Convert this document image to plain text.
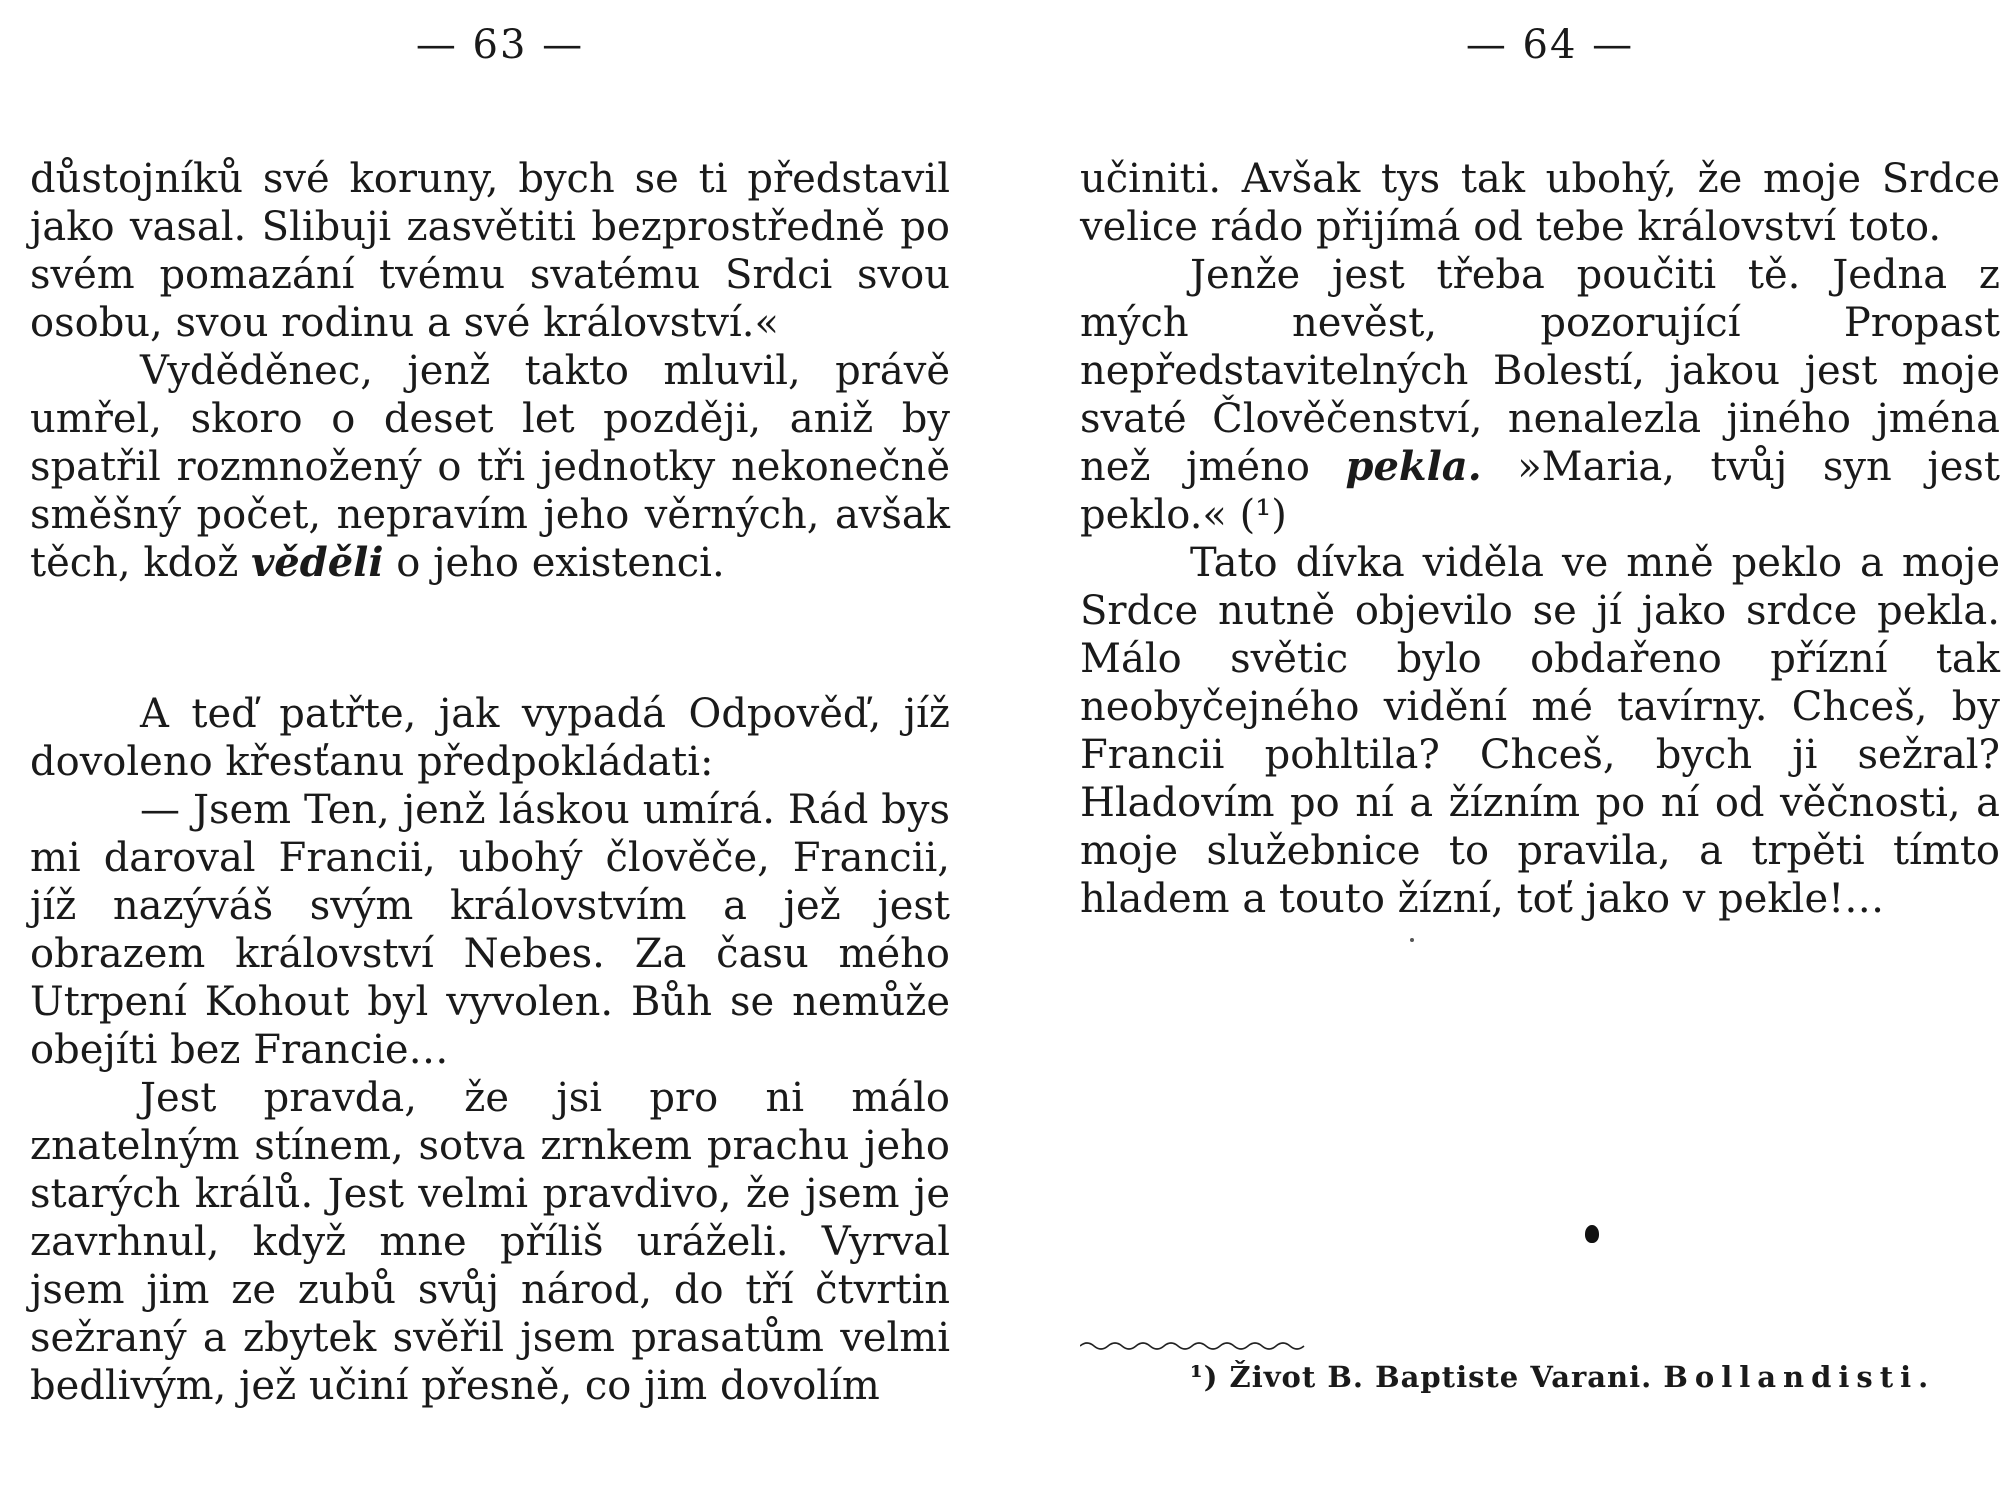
— 63 —

důstojníků své koruny, bych se ti představil jako vasal. Slibuji zasvětiti bezprostředně po svém pomazání tvému svatému Srdci svou osobu, svou rodinu a své království.«

Vyděděnec, jenž takto mluvil, právě umřel, skoro o deset let později, aniž by spatřil rozmnožený o tři jednotky nekonečně směšný počet, nepravím jeho věrných, avšak těch, kdož věděli o jeho existenci.

A teď patřte, jak vypadá Odpověď, jíž dovoleno křesťanu předpokládati:

— Jsem Ten, jenž láskou umírá. Rád bys mi daroval Francii, ubohý člověče, Francii, jíž nazýváš svým královstvím a jež jest obrazem království Nebes. Za času mého Utrpení Kohout byl vyvolen. Bůh se nemůže obejíti bez Francie…

Jest pravda, že jsi pro ni málo znatelným stínem, sotva zrnkem prachu jeho starých králů. Jest velmi pravdivo, že jsem je zavrhnul, když mne příliš uráželi. Vyrval jsem jim ze zubů svůj národ, do tří čtvrtin sežraný a zbytek svěřil jsem prasatům velmi bedlivým, jež učiní přesně, co jim dovolím

— 64 —

učiniti. Avšak tys tak ubohý, že moje Srdce velice rádo přijímá od tebe království toto.

Jenže jest třeba poučiti tě. Jedna z mých nevěst, pozorující Propast nepředstavitelných Bolestí, jakou jest moje svaté Člověčenství, nenalezla jiného jména než jméno pekla. »Maria, tvůj syn jest peklo.« (¹)

Tato dívka viděla ve mně peklo a moje Srdce nutně objevilo se jí jako srdce pekla. Málo světic bylo obdařeno přízní tak neobyčejného vidění mé tavírny. Chceš, by Francii pohltila? Chceš, bych ji sežral? Hladovím po ní a žízním po ní od věčnosti, a moje služebnice to pravila, a trpěti tímto hladem a touto žízní, toť jako v pekle!…

¹) Život B. Baptiste Varani. Bollandisti.
